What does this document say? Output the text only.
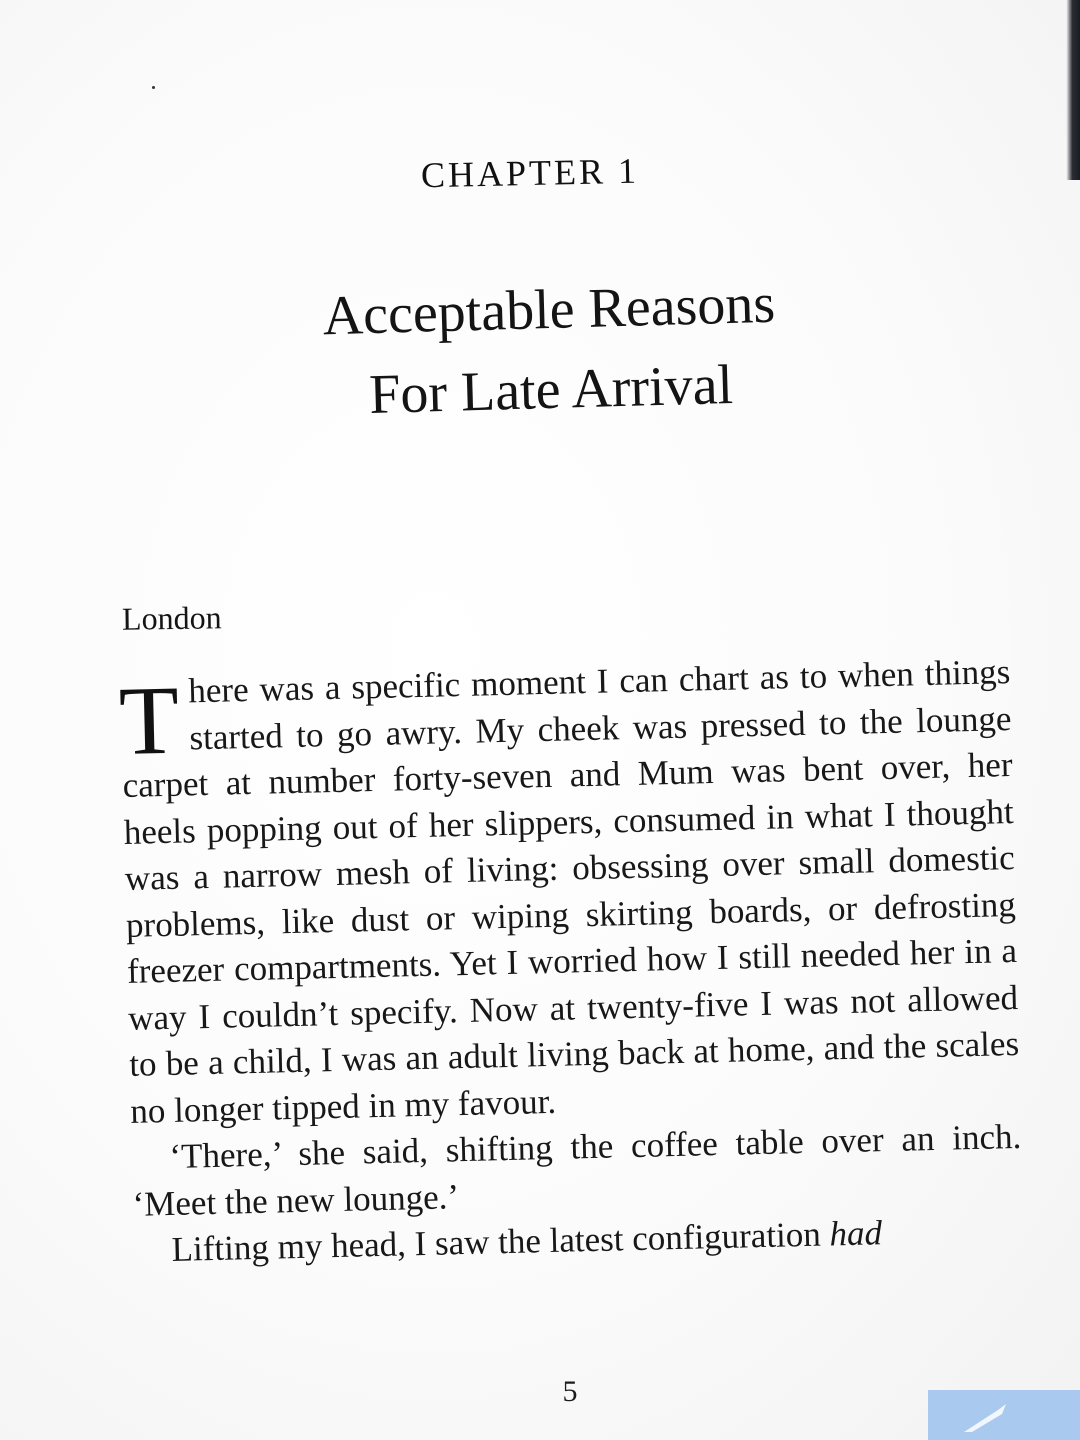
CHAPTER 1
Acceptable Reasons
For Late Arrival
London

There was a specific moment I can chart as to when things started to go awry. My cheek was pressed to the lounge carpet at number forty-seven and Mum was bent over, her heels popping out of her slippers, consumed in what I thought was a narrow mesh of living: obsessing over small domestic problems, like dust or wiping skirting boards, or defrosting freezer compartments. Yet I worried how I still needed her in a way I couldn’t specify. Now at twenty-five I was not allowed to be a child, I was an adult living back at home, and the scales no longer tipped in my favour.

‘There,’ she said, shifting the coffee table over an inch. ‘Meet the new lounge.’

Lifting my head, I saw the latest configuration had

5
